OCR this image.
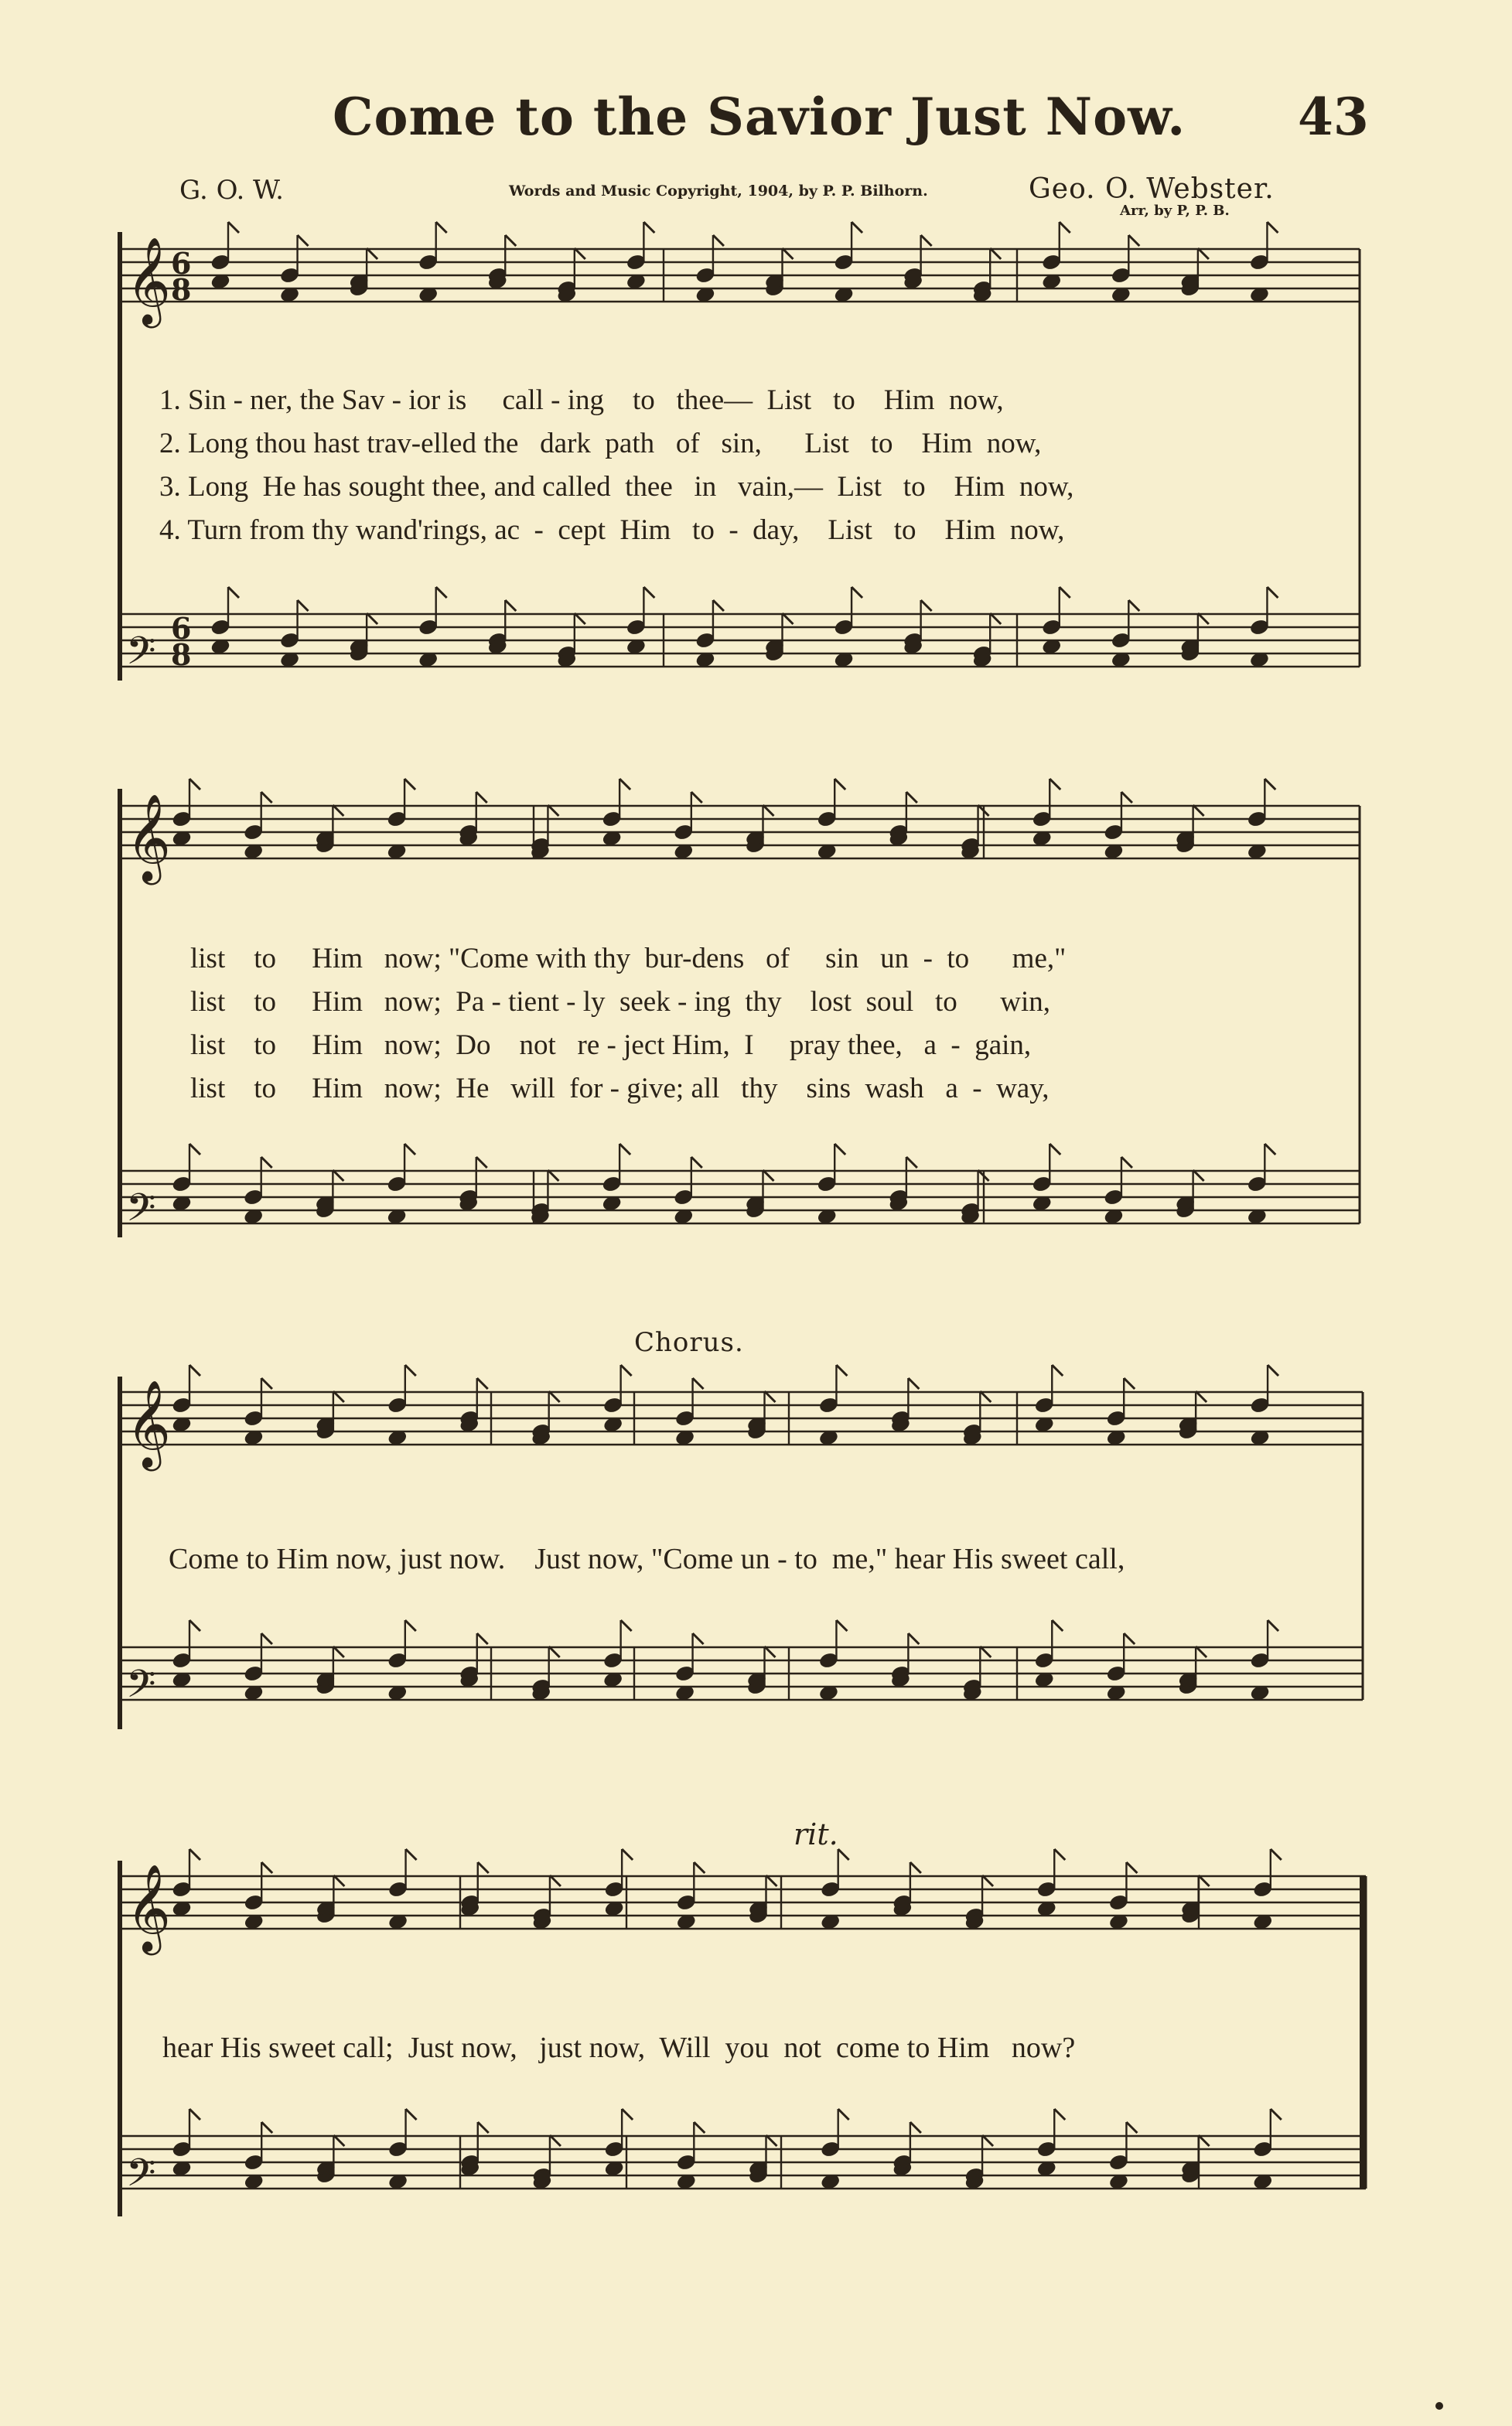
Come to the Savior Just Now. 43
G. O. W.	Words and Music Copyright, 1904, by P. P. Bilhorn.	Geo. O. Webster.
Arr, by P, P. B.
𝄞 6
8
𝄢
6
8
𝄞
𝄢
𝄞
𝄢
𝄞
𝄢
1. Sin - ner, the Sav - ior is     call - ing    to   thee—  List   to    Him  now,
2. Long thou hast trav-elled the   dark  path   of   sin,      List   to    Him  now,
3. Long  He has sought thee, and called  thee   in   vain,—  List   to    Him  now,
4. Turn from thy wand'rings, ac  -  cept  Him   to  -  day,    List   to    Him  now,
list    to     Him   now; "Come with thy  bur-dens   of     sin   un  -  to      me,"
list    to     Him   now;  Pa - tient - ly  seek - ing  thy    lost  soul   to      win,
list    to     Him   now;  Do    not   re - ject Him,  I     pray thee,   a  -  gain,
list    to     Him   now;  He   will  for - give; all   thy    sins  wash   a  -  way,
Chorus.
Come to Him now, just now.    Just now, "Come un - to  me," hear His sweet call,
rit.
hear His sweet call;  Just now,   just now,  Will  you  not  come to Him   now?
